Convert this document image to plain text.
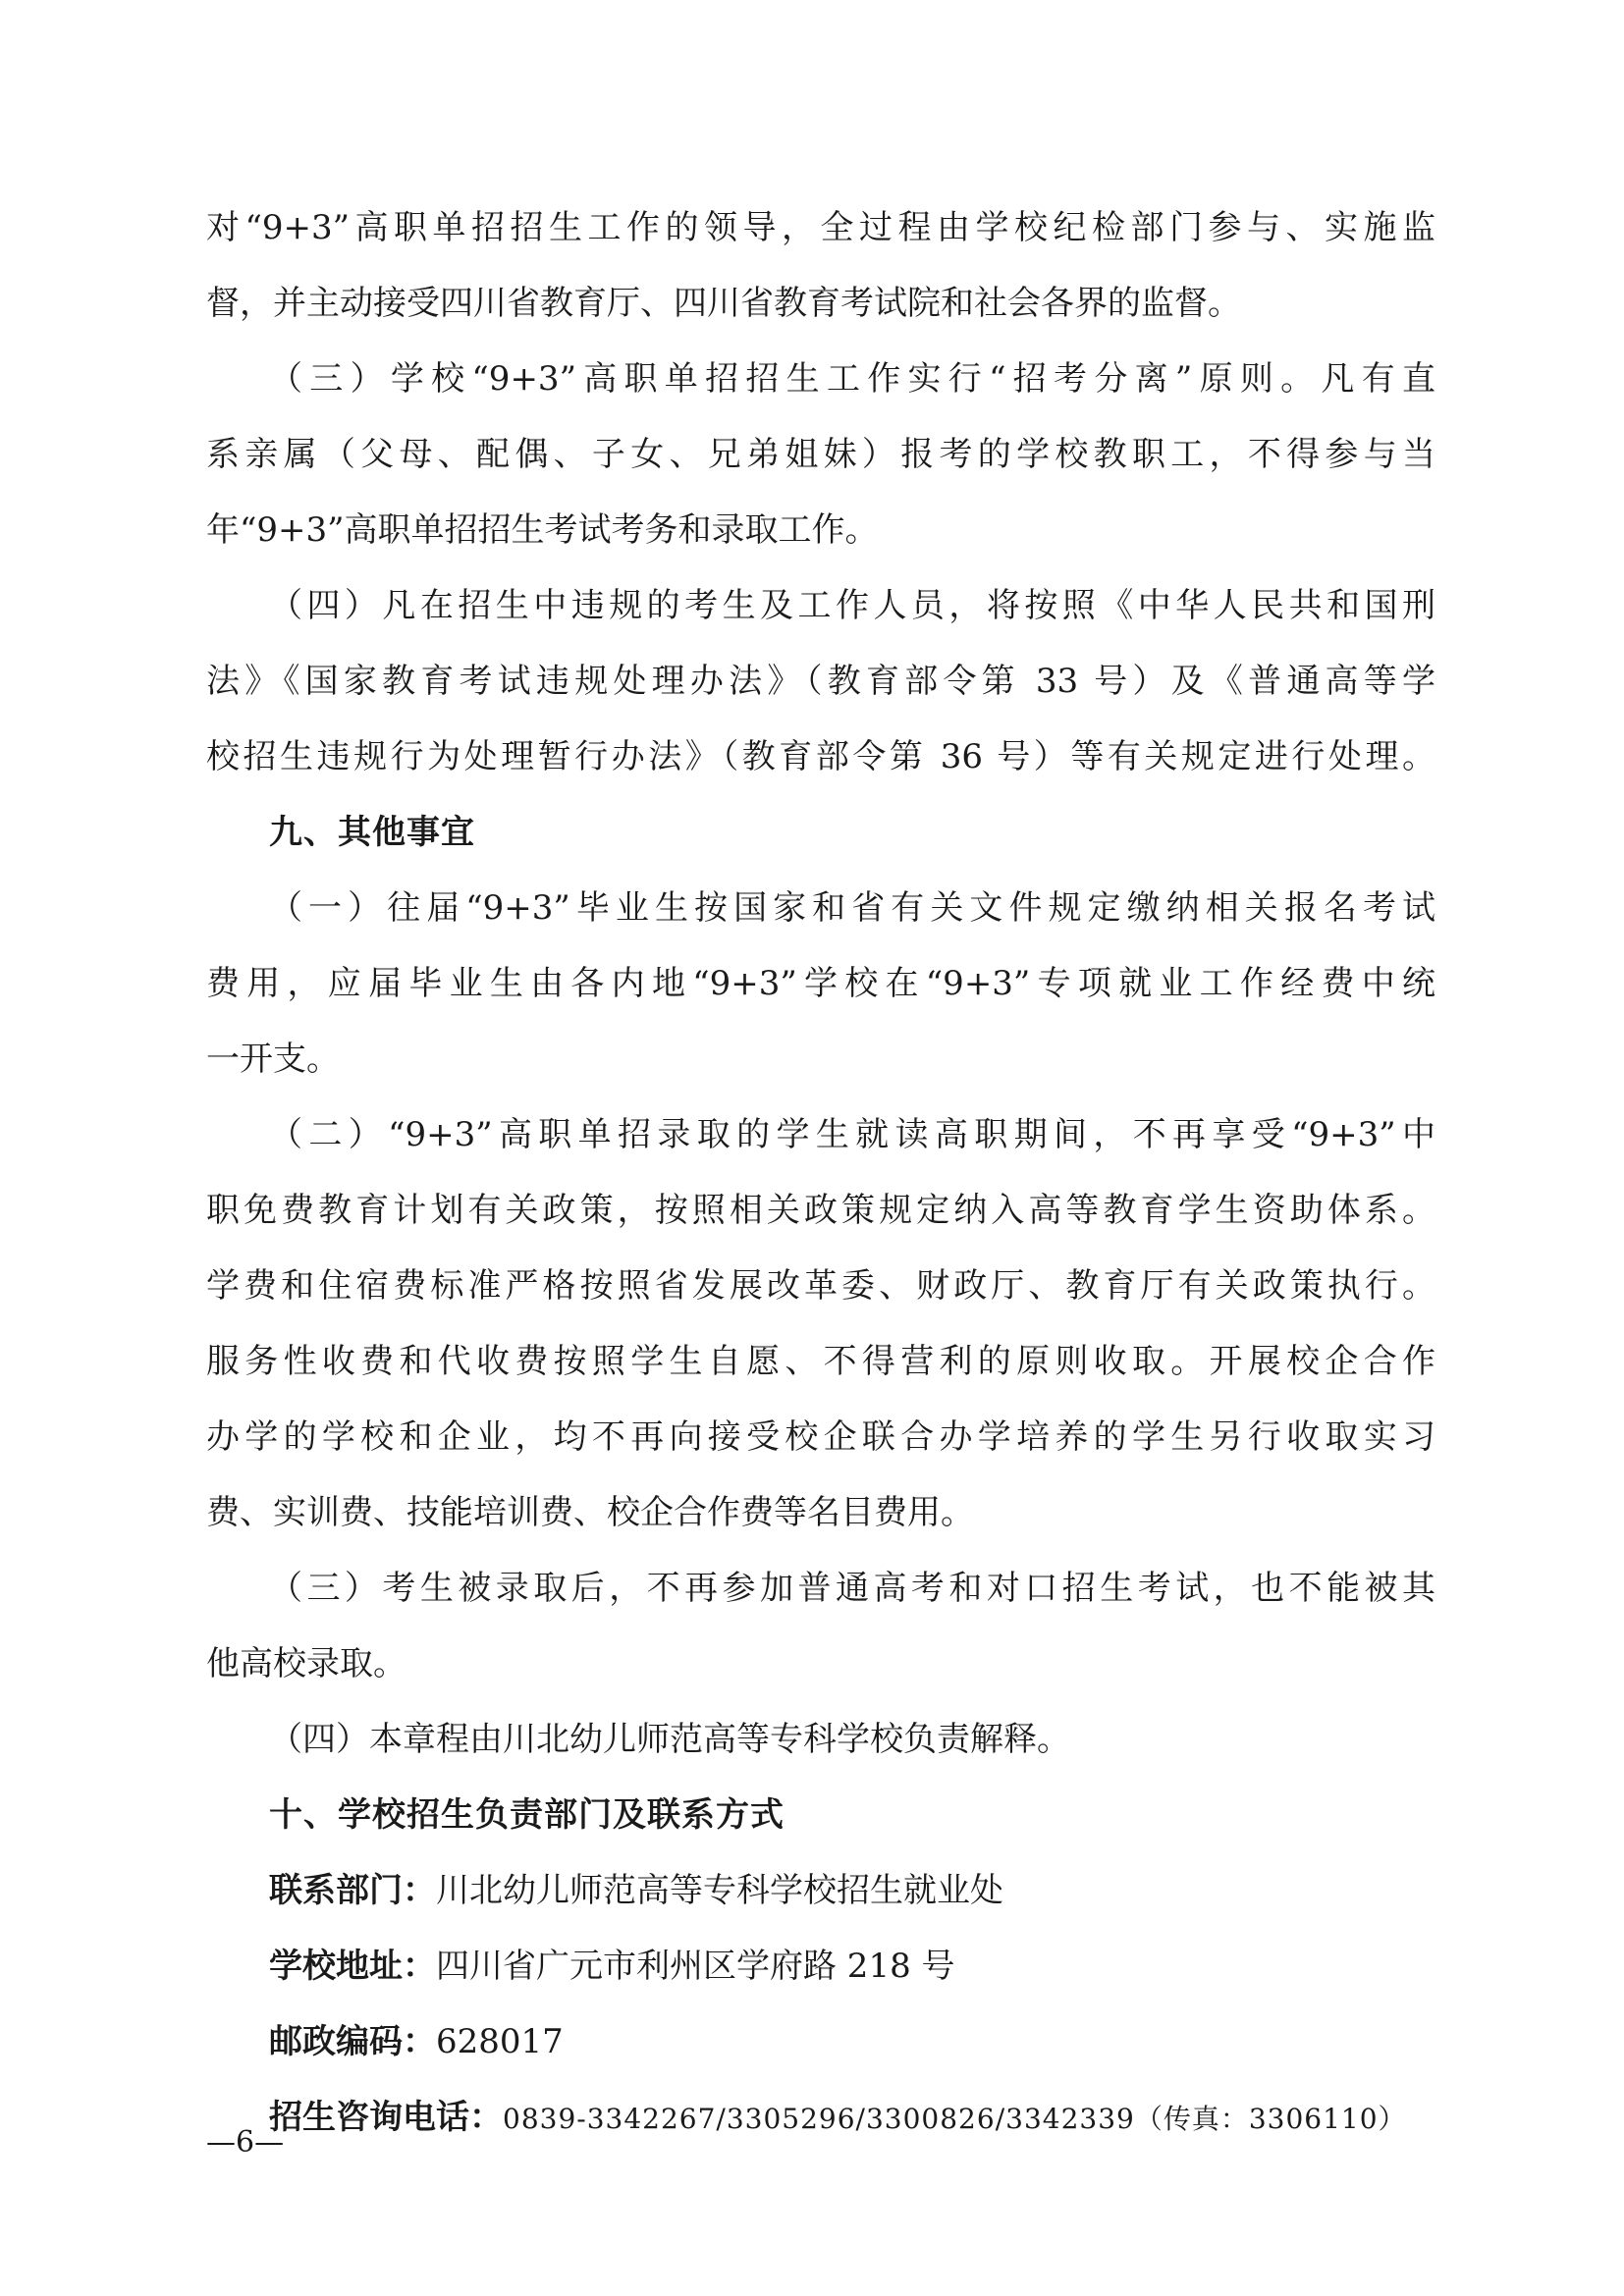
对“9+3”高职单招招生工作的领导，全过程由学校纪检部门参与、实施监
督，并主动接受四川省教育厅、四川省教育考试院和社会各界的监督。
（三）学校“9+3”高职单招招生工作实行“招考分离”原则。凡有直
系亲属（父母、配偶、子女、兄弟姐妹）报考的学校教职工，不得参与当
年“9+3”高职单招招生考试考务和录取工作。
（四）凡在招生中违规的考生及工作人员，将按照《中华人民共和国刑
法》《国家教育考试违规处理办法》（教育部令第 33 号）及《普通高等学
校招生违规行为处理暂行办法》（教育部令第 36 号）等有关规定进行处理。
九、其他事宜
（一）往届“9+3”毕业生按国家和省有关文件规定缴纳相关报名考试
费用，应届毕业生由各内地“9+3”学校在“9+3”专项就业工作经费中统
一开支。
（二）“9+3”高职单招录取的学生就读高职期间，不再享受“9+3”中
职免费教育计划有关政策，按照相关政策规定纳入高等教育学生资助体系。
学费和住宿费标准严格按照省发展改革委、财政厅、教育厅有关政策执行。
服务性收费和代收费按照学生自愿、不得营利的原则收取。开展校企合作
办学的学校和企业，均不再向接受校企联合办学培养的学生另行收取实习
费、实训费、技能培训费、校企合作费等名目费用。
（三）考生被录取后，不再参加普通高考和对口招生考试，也不能被其
他高校录取。
（四）本章程由川北幼儿师范高等专科学校负责解释。
十、学校招生负责部门及联系方式
联系部门：川北幼儿师范高等专科学校招生就业处
学校地址：四川省广元市利州区学府路 218 号
邮政编码：628017
招生咨询电话：0839-3342267/3305296/3300826/3342339（传真：3306110）
—6—
